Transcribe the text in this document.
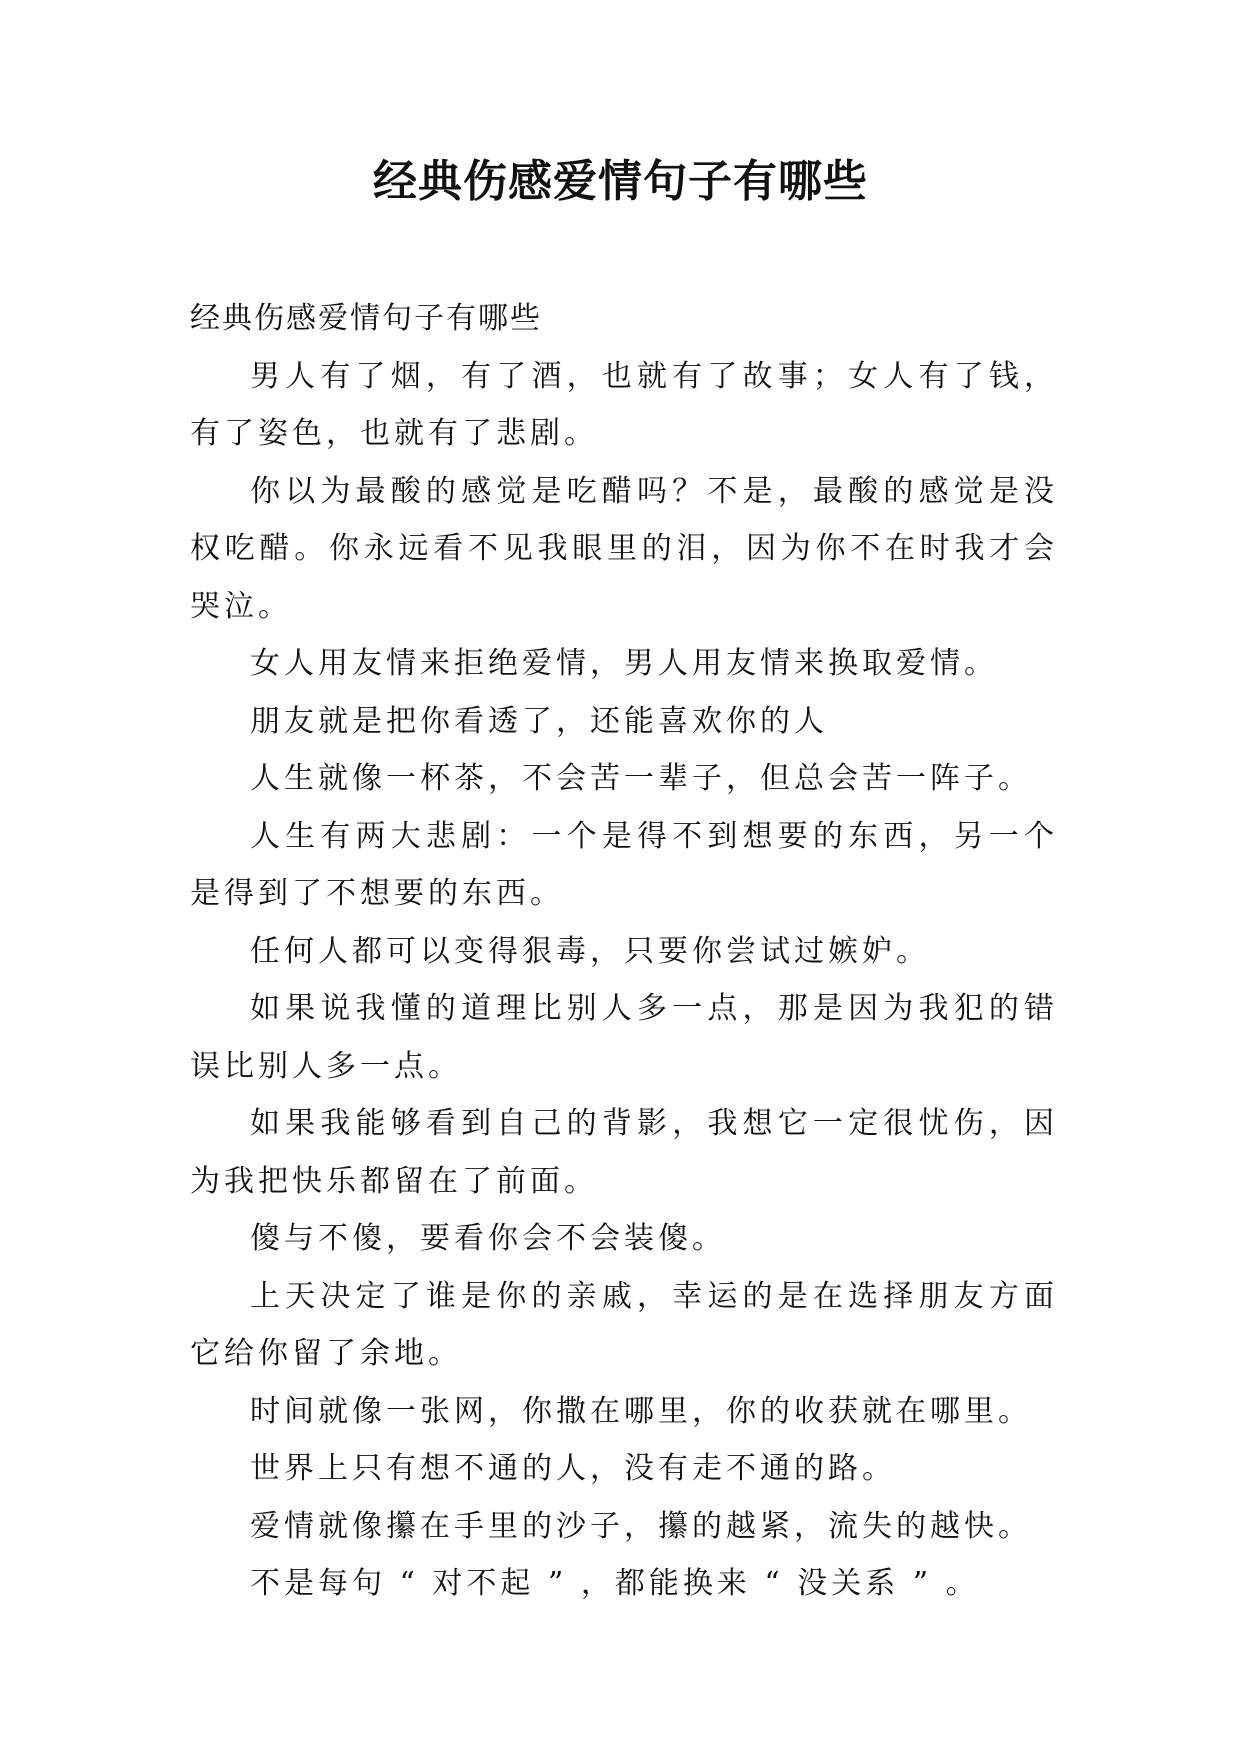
经典伤感爱情句子有哪些

经典伤感爱情句子有哪些

男人有了烟，有了酒，也就有了故事；女人有了钱，有了姿色，也就有了悲剧。

你以为最酸的感觉是吃醋吗？不是，最酸的感觉是没权吃醋。你永远看不见我眼里的泪，因为你不在时我才会哭泣。

女人用友情来拒绝爱情，男人用友情来换取爱情。

朋友就是把你看透了，还能喜欢你的人

人生就像一杯茶，不会苦一辈子，但总会苦一阵子。

人生有两大悲剧：一个是得不到想要的东西，另一个是得到了不想要的东西。

任何人都可以变得狠毒，只要你尝试过嫉妒。

如果说我懂的道理比别人多一点，那是因为我犯的错误比别人多一点。

如果我能够看到自己的背影，我想它一定很忧伤，因为我把快乐都留在了前面。

傻与不傻，要看你会不会装傻。

上天决定了谁是你的亲戚，幸运的是在选择朋友方面它给你留了余地。

时间就像一张网，你撒在哪里，你的收获就在哪里。

世界上只有想不通的人，没有走不通的路。

爱情就像攥在手里的沙子，攥的越紧，流失的越快。

不是每句 “ 对不起 ” ，都能换来 “ 没关系 ” 。
